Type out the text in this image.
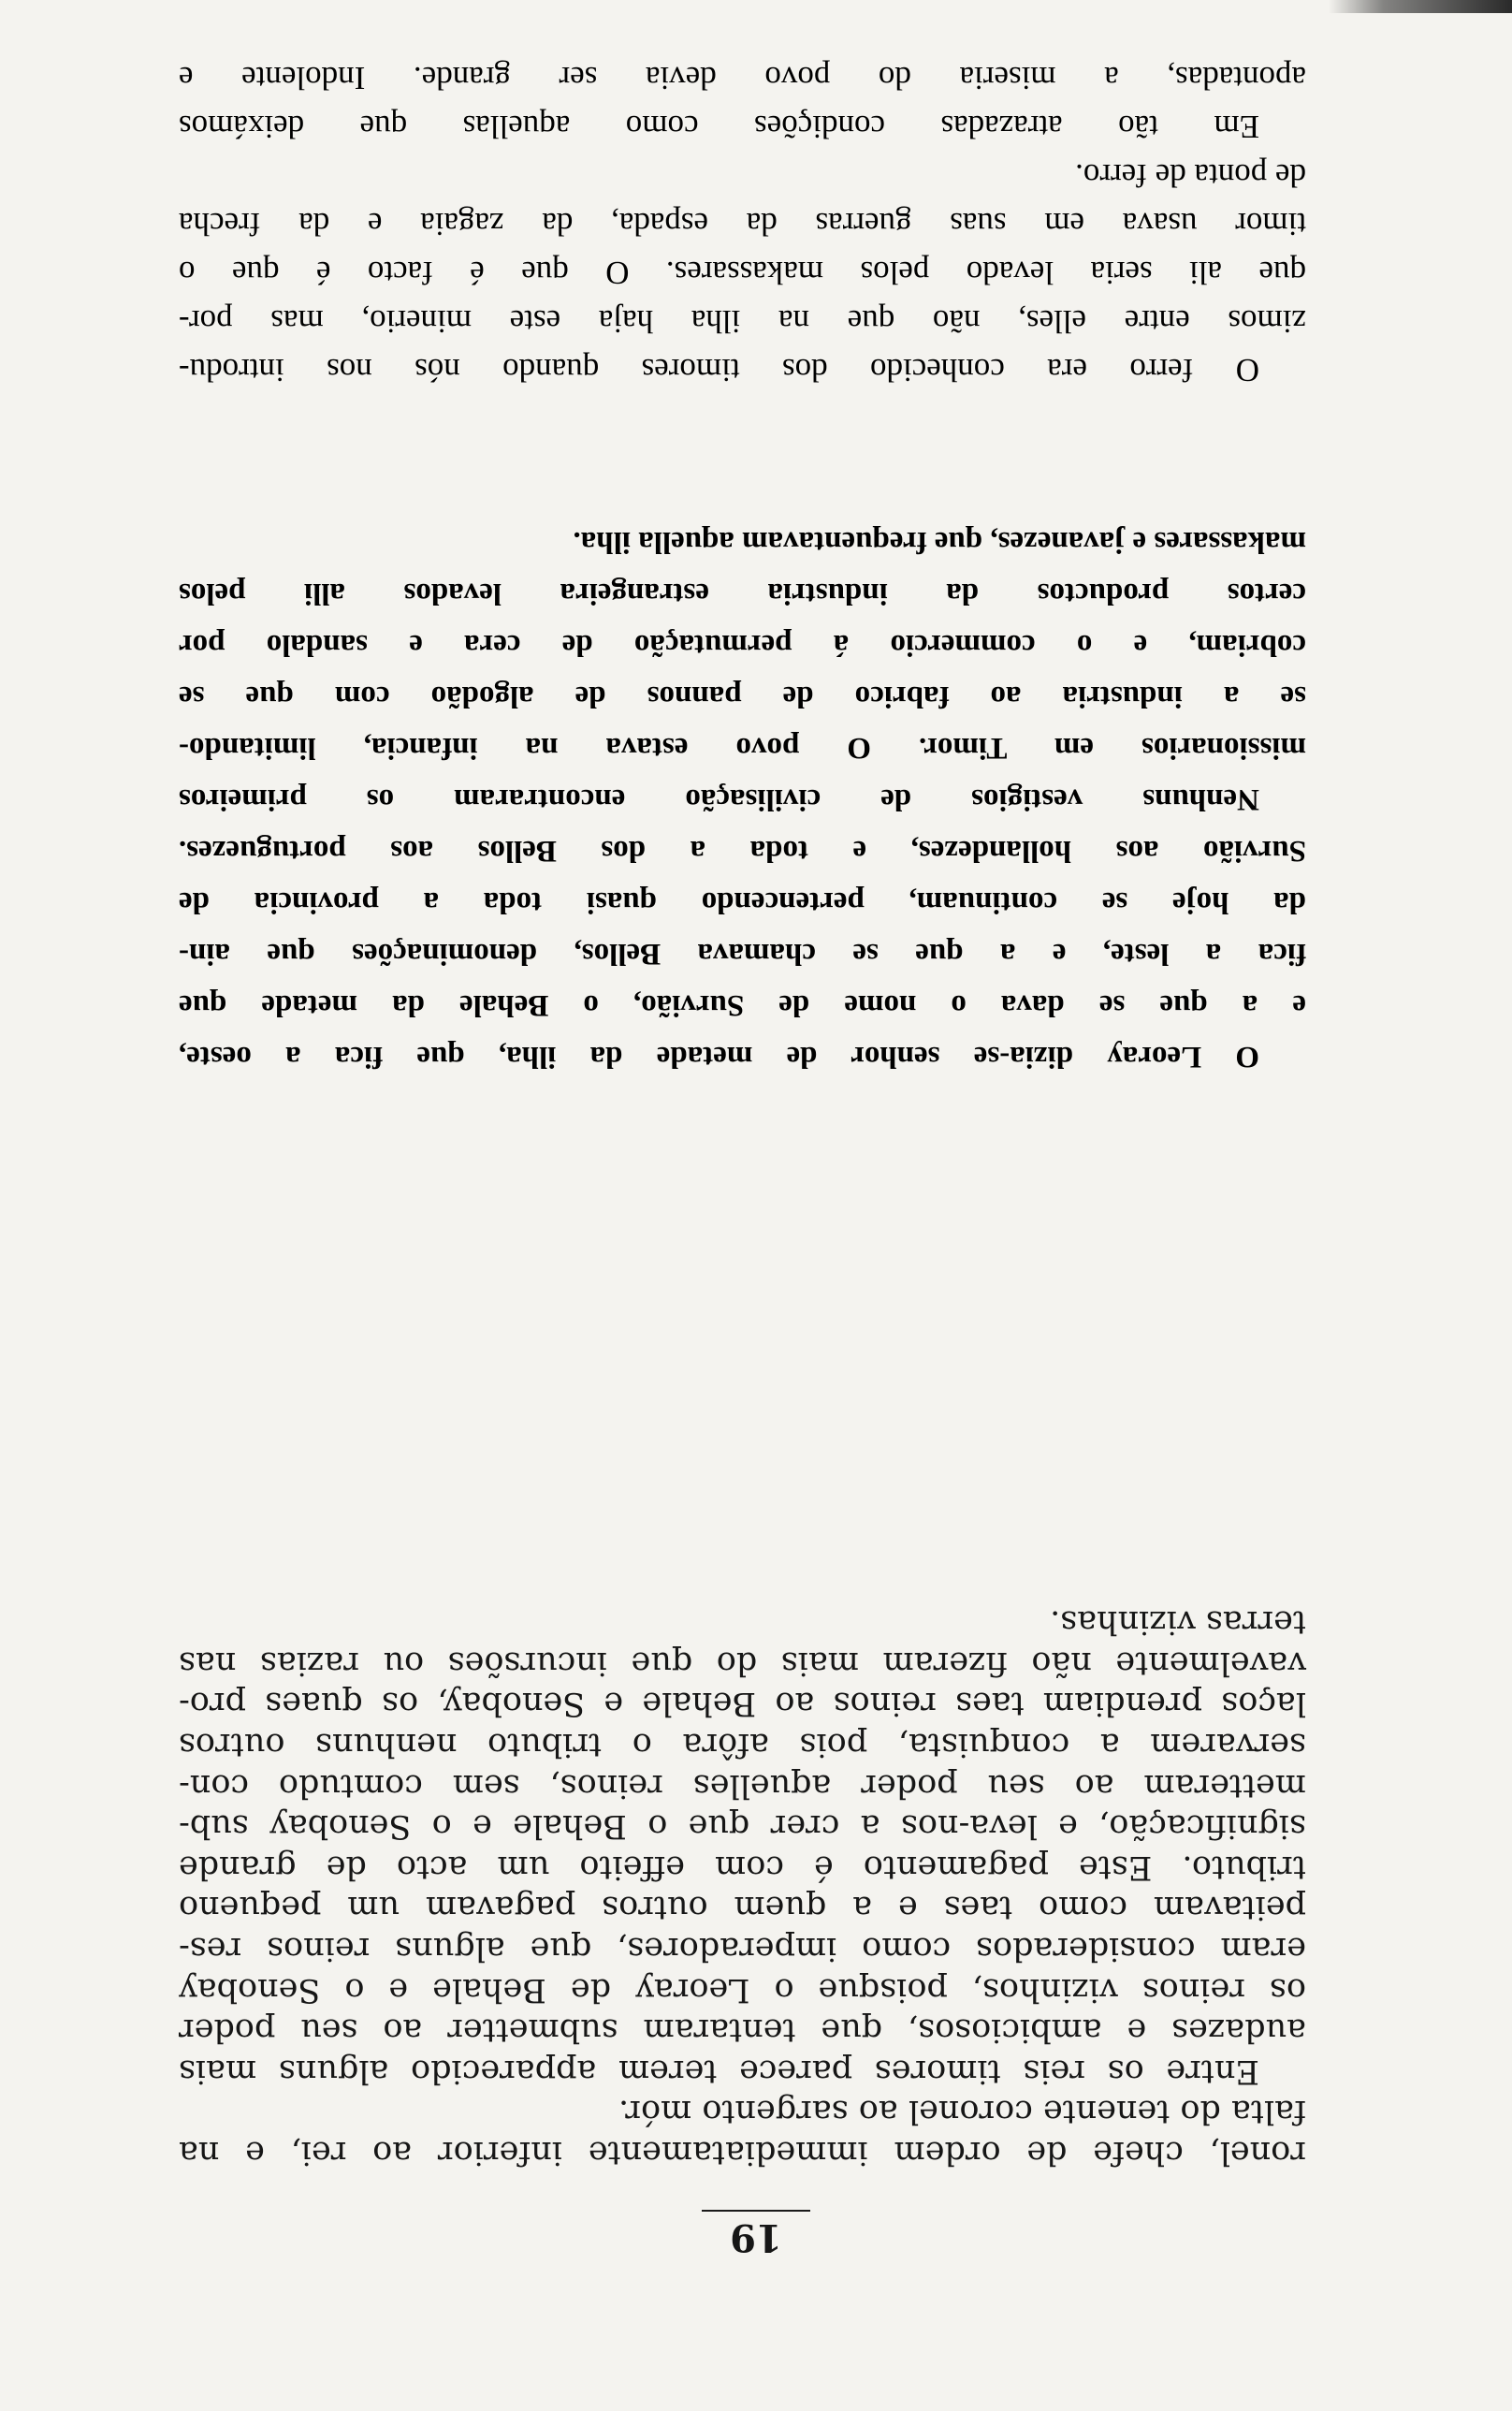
19
ronel, chefe de ordem immediatamente inferior ao rei, e na
falta do tenente coronel ao sargento mór.
Entre os reis timores parece terem apparecido alguns mais
audazes e ambiciosos, que tentaram submetter ao seu poder
os reinos vizinhos, poisque o Leoray de Behale e o Senobay
eram considerados como imperadores, que alguns reinos res-
peitavam como taes e a quem outros pagavam um pequeno
tributo. Este pagamento é com effeito um acto de grande
significação, e leva-nos a crer que o Behale e o Senobay sub-
metteram ao seu poder aquelles reinos, sem comtudo con-
servarem a conquista, pois afôra o tributo nenhuns outros
laços prendiam taes reinos ao Behale e Senobay, os quaes pro-
vavelmente não fizeram mais do que incursões ou razias nas
terras vizinhas.
O Leoray dizia-se senhor de metade da ilha, que fica a oeste,
e a que se dava o nome de Survião, o Behale da metade que
fica a leste, e a que se chamava Bellos, denominações que ain-
da hoje se continuam, pertencendo quasi toda a provincia de
Survião aos hollandezes, e toda a dos Bellos aos portuguezes.
Nenhuns vestigios de civilisação encontraram os primeiros
missionarios em Timor. O povo estava na infancia, limitando-
se a industria ao fabrico de pannos de algodão com que se
cobriam, e o commercio á permutação de cera e sandalo por
certos productos da industria estrangeira levados alli pelos
makassares e javanezes, que frequentavam aquella ilha.
O ferro era conhecido dos timores quando nós nos introdu-
zimos entre elles, não que na ilha haja este minerio, mas por-
que ali seria levado pelos makassares. O que é facto é que o
timor usava em suas guerras da espada, da zagaia e da frecha
de ponta de ferro.
Em tão atrazadas condições como aquellas que deixámos
apontadas, a miseria do povo devia ser grande. Indolente e
